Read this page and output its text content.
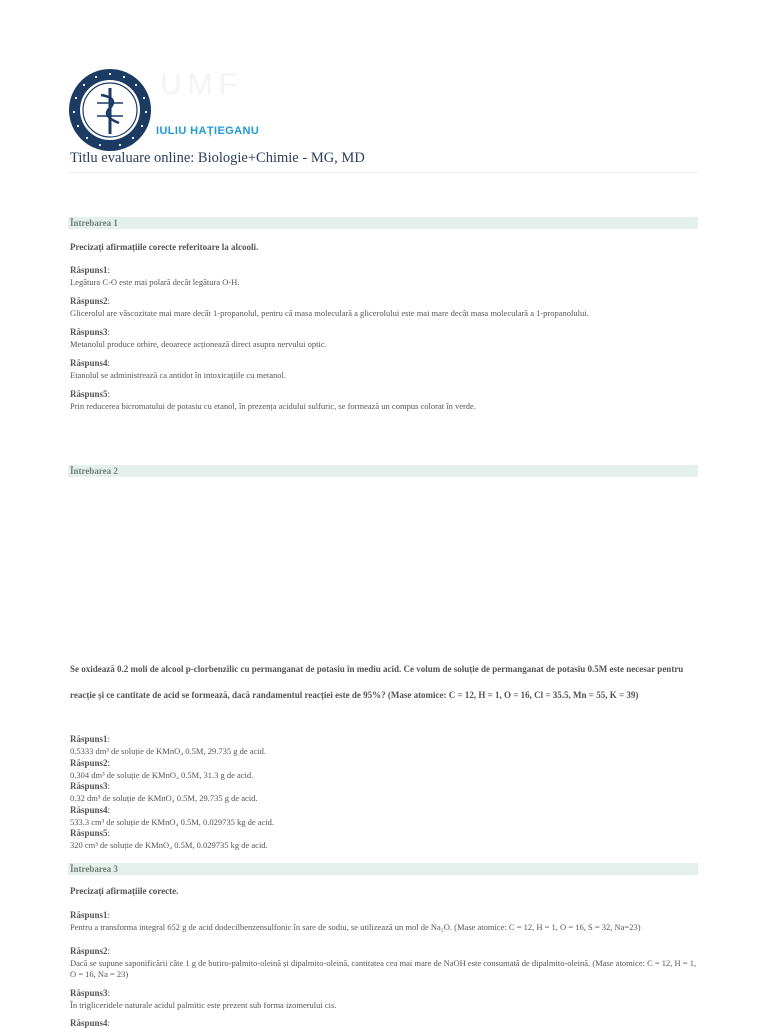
UMF
IULIU HAȚIEGANU
Titlu evaluare online: Biologie+Chimie - MG, MD
Întrebarea 1
Precizați afirmațiile corecte referitoare la alcooli.
Răspuns1:
Legătura C-O este mai polară decât legătura O-H.
Răspuns2:
Glicerolul are vâscozitate mai mare decât 1-propanolul, pentru că masa moleculară a glicerolului este mai mare decât masa moleculară a 1-propanolului.
Răspuns3:
Metanolul produce orbire, deoarece acționează direct asupra nervului optic.
Răspuns4:
Etanolul se administrează ca antidot în intoxicațiile cu metanol.
Răspuns5:
Prin reducerea bicromatului de potasiu cu etanol, în prezența acidului sulfuric, se formează un compus colorat în verde.
Întrebarea 2
Se oxidează 0.2 moli de alcool p-clorbenzilic cu permanganat de potasiu în mediu acid. Ce volum de soluție de permanganat de potasiu 0.5M este necesar pentru reacție și ce cantitate de acid se formează, dacă randamentul reacției este de 95%? (Mase atomice: C = 12, H = 1, O = 16, Cl = 35.5, Mn = 55, K = 39)
Răspuns1:
0.5333 dm³ de soluție de KMnO₄ 0.5M, 29.735 g de acid.
Răspuns2:
0.304 dm³ de soluție de KMnO₄ 0.5M, 31.3 g de acid.
Răspuns3:
0.32 dm³ de soluție de KMnO₄ 0.5M, 29.735 g de acid.
Răspuns4:
533.3 cm³ de soluție de KMnO₄ 0.5M, 0.029735 kg de acid.
Răspuns5:
320 cm³ de soluție de KMnO₄ 0.5M, 0.029735 kg de acid.
Întrebarea 3
Precizați afirmațiile corecte.
Răspuns1:
Pentru a transforma integral 652 g de acid dodecilbenzensulfonic în sare de sodiu, se utilizează un mol de Na₂O. (Mase atomice: C = 12, H = 1, O = 16, S = 32, Na=23)
Răspuns2:
Dacă se supune saponificării câte 1 g de butiro-palmito-oleină și dipalmito-oleină, cantitatea cea mai mare de NaOH este consumată de dipalmito-oleină. (Mase atomice: C = 12, H = 1, O = 16, Na = 23)
Răspuns3:
În trigliceridele naturale acidul palmitic este prezent sub forma izomerului cis.
Răspuns4:
